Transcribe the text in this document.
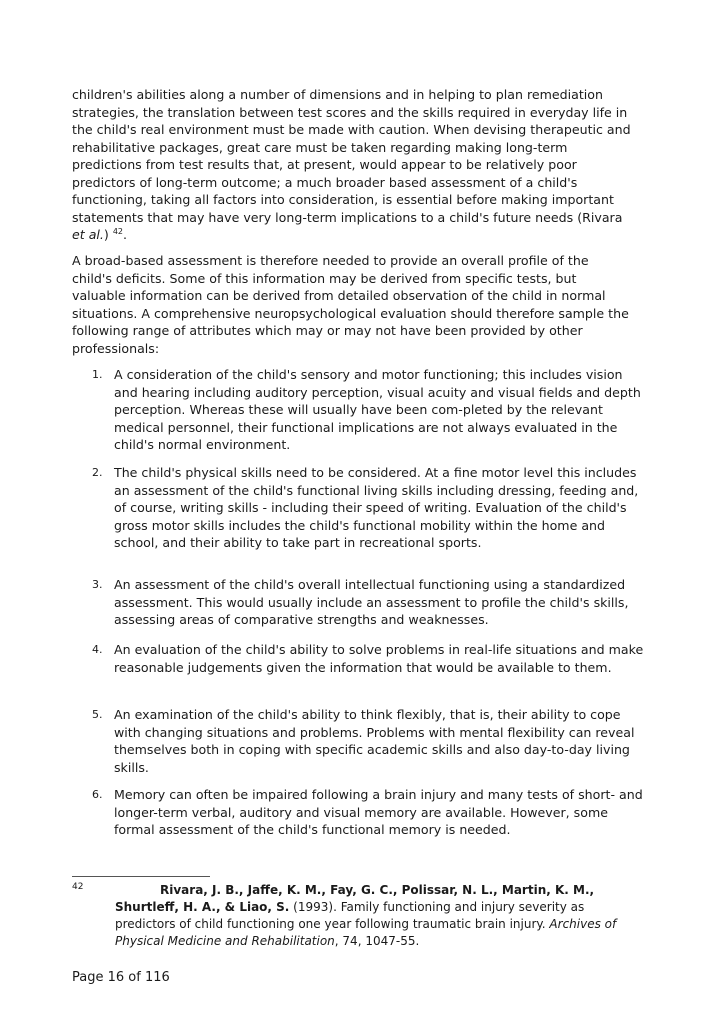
children's abilities along a number of dimensions and in helping to plan remediation strategies, the translation between test scores and the skills required in everyday life in the child's real environment must be made with caution. When devising therapeutic and rehabilitative packages, great care must be taken regarding making long-term predictions from test results that, at present, would appear to be relatively poor predictors of long-term outcome; a much broader based assessment of a child's functioning, taking all factors into consideration, is essential before making important statements that may have very long-term implications to a child's future needs (Rivara et al.) $^{42}$.

A broad-based assessment is therefore needed to provide an overall profile of the child's deficits. Some of this information may be derived from specific tests, but valuable information can be derived from detailed observation of the child in normal situations. A comprehensive neuropsychological evaluation should therefore sample the following range of attributes which may or may not have been provided by other professionals:

1. A consideration of the child's sensory and motor functioning; this includes vision and hearing including auditory perception, visual acuity and visual fields and depth perception. Whereas these will usually have been com-pleted by the relevant medical personnel, their functional implications are not always evaluated in the child's normal environment.
2. The child's physical skills need to be considered. At a fine motor level this includes an assessment of the child's functional living skills including dressing, feeding and, of course, writing skills - including their speed of writing. Evaluation of the child's gross motor skills includes the child's functional mobility within the home and school, and their ability to take part in recreational sports.
3. An assessment of the child's overall intellectual functioning using a standardized assessment. This would usually include an assessment to profile the child's skills, assessing areas of comparative strengths and weaknesses.
4. An evaluation of the child's ability to solve problems in real-life situations and make reasonable judgements given the information that would be available to them.
5. An examination of the child's ability to think flexibly, that is, their ability to cope with changing situations and problems. Problems with mental flexibility can reveal themselves both in coping with specific academic skills and also day-to-day living skills.
6. Memory can often be impaired following a brain injury and many tests of short- and longer-term verbal, auditory and visual memory are available. However, some formal assessment of the child's functional memory is needed.
42	Rivara, J. B., Jaffe, K. M., Fay, G. C., Polissar, N. L., Martin, K. M., Shurtleff, H. A., & Liao, S. (1993). Family functioning and injury severity as predictors of child functioning one year following traumatic brain injury. Archives of Physical Medicine and Rehabilitation, 74, 1047-55.
Page 16 of 116
